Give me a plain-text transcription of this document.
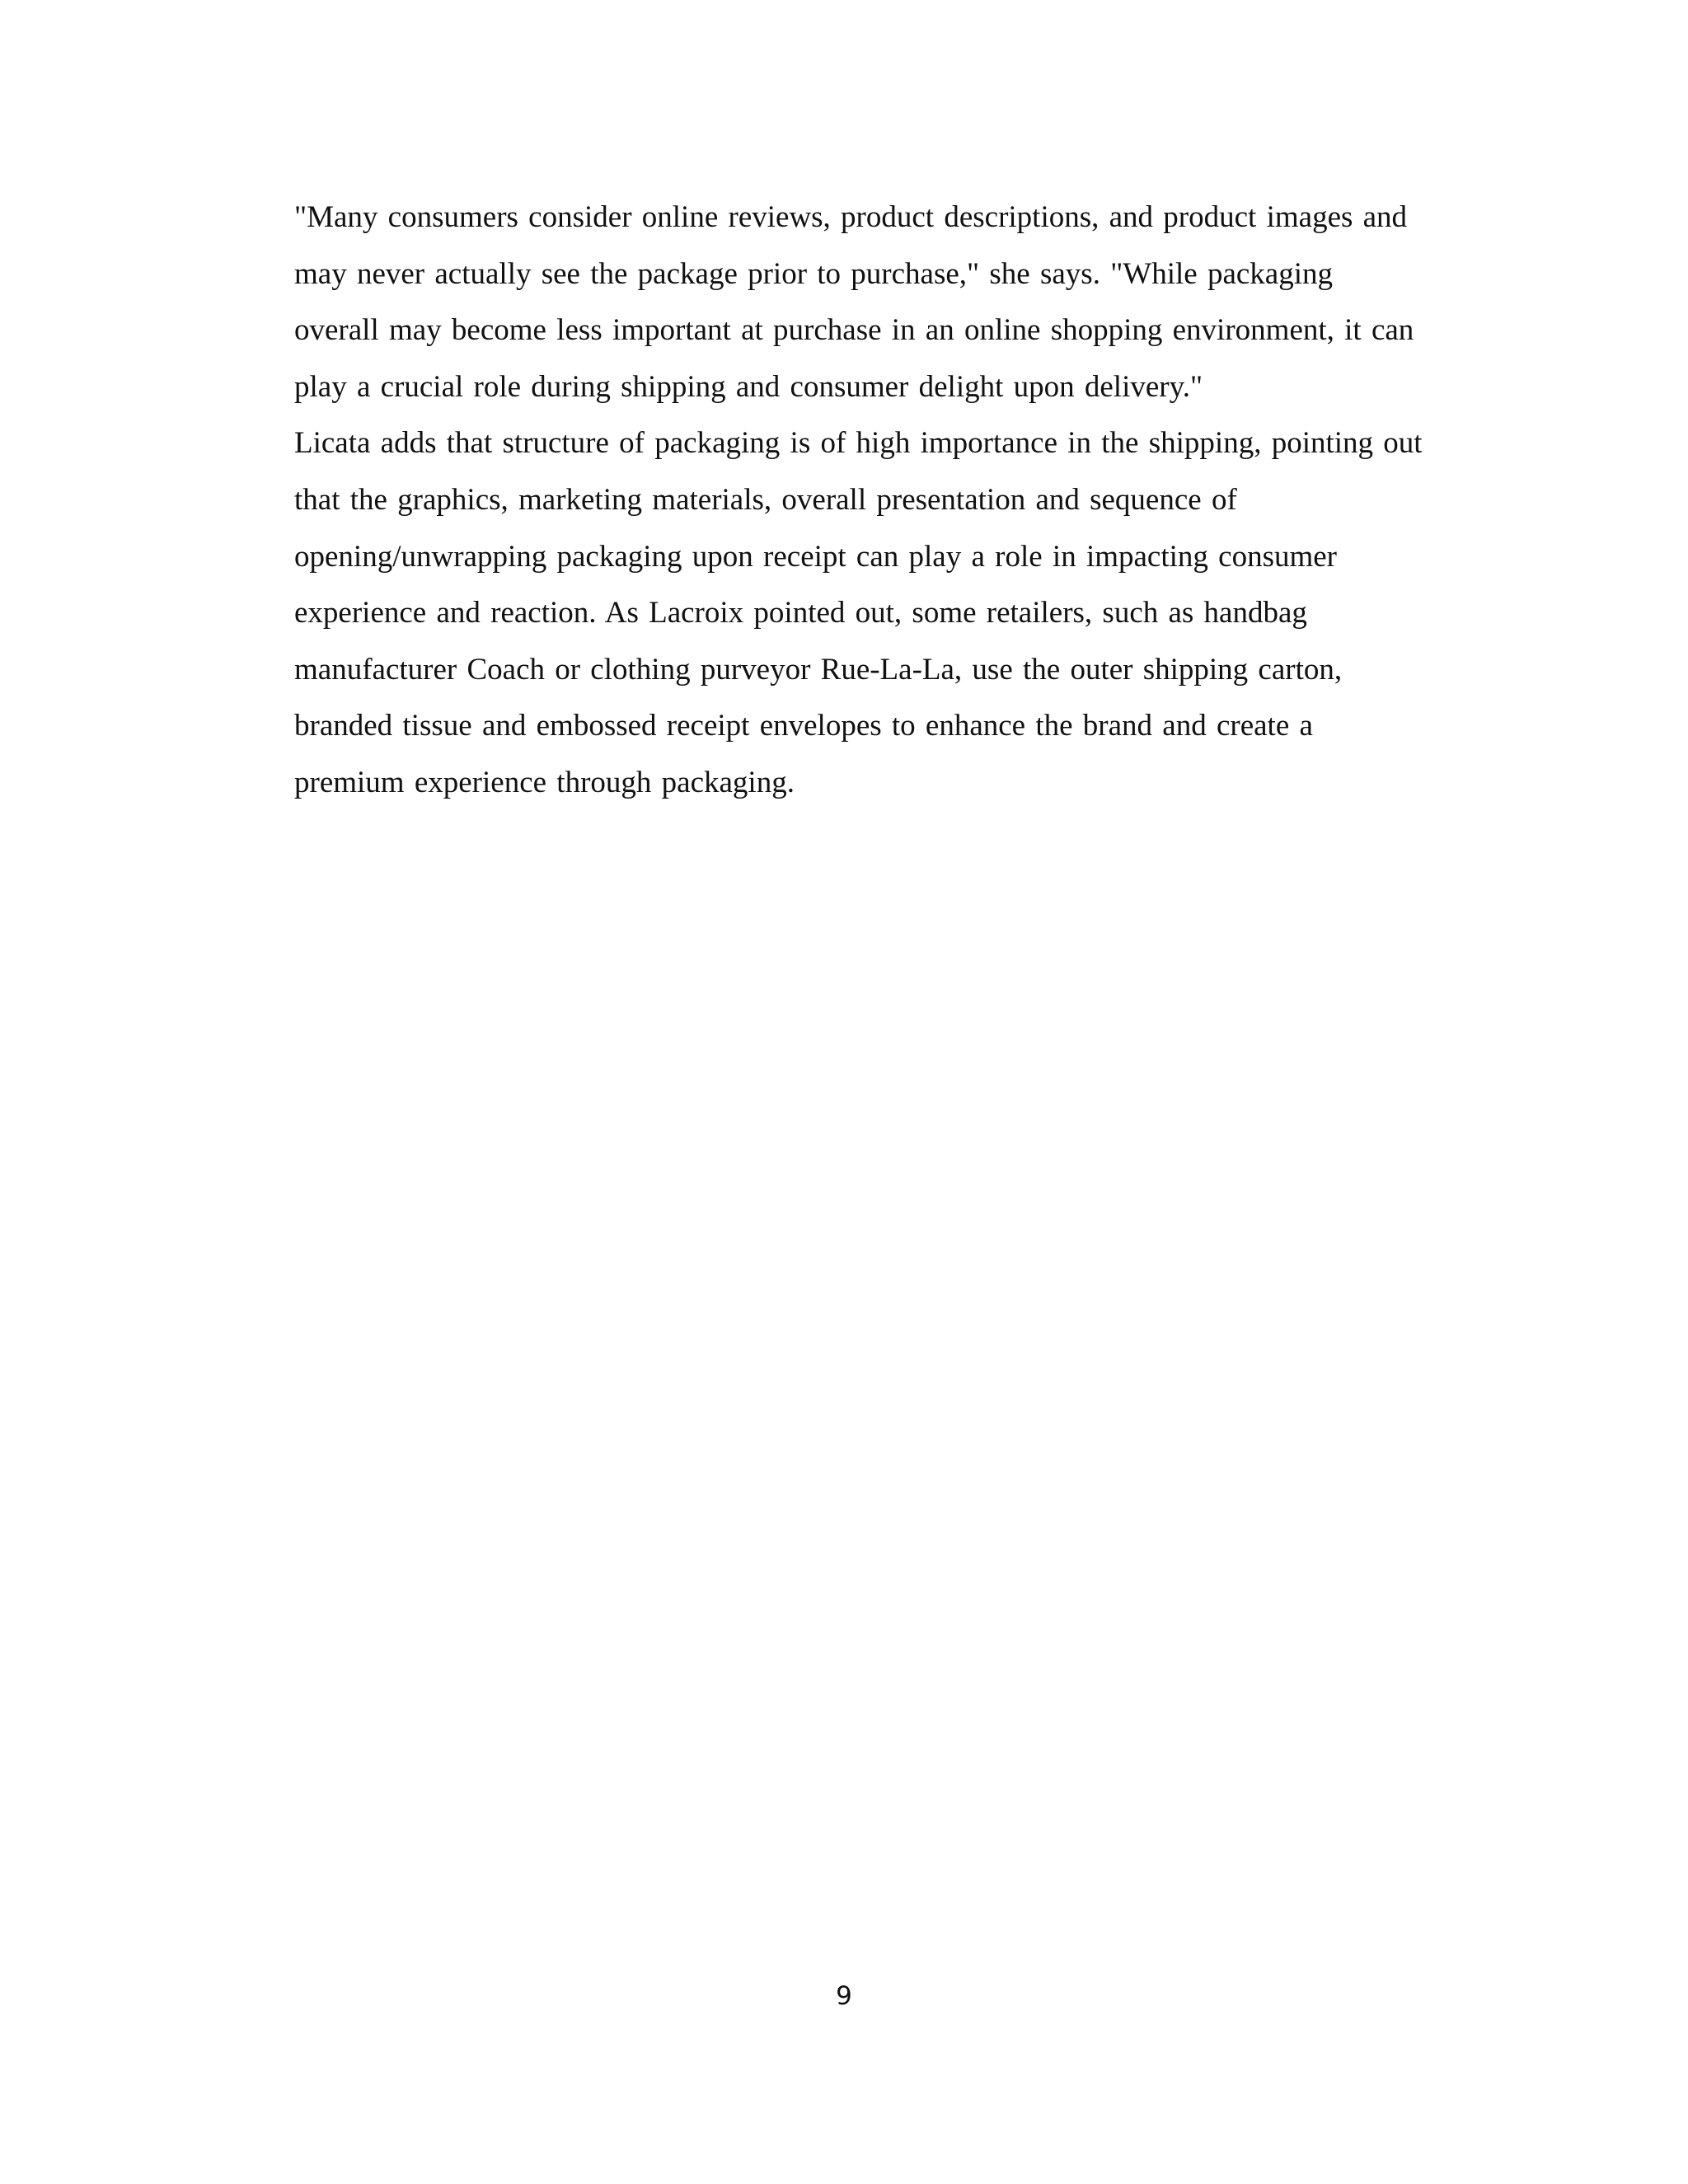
"Many consumers consider online reviews, product descriptions, and product images and
may never actually see the package prior to purchase," she says. "While packaging
overall may become less important at purchase in an online shopping environment, it can
play a crucial role during shipping and consumer delight upon delivery."
Licata adds that structure of packaging is of high importance in the shipping, pointing out
that the graphics, marketing materials, overall presentation and sequence of
opening/unwrapping packaging upon receipt can play a role in impacting consumer
experience and reaction. As Lacroix pointed out, some retailers, such as handbag
manufacturer Coach or clothing purveyor Rue-La-La, use the outer shipping carton,
branded tissue and embossed receipt envelopes to enhance the brand and create a
premium experience through packaging.
9
